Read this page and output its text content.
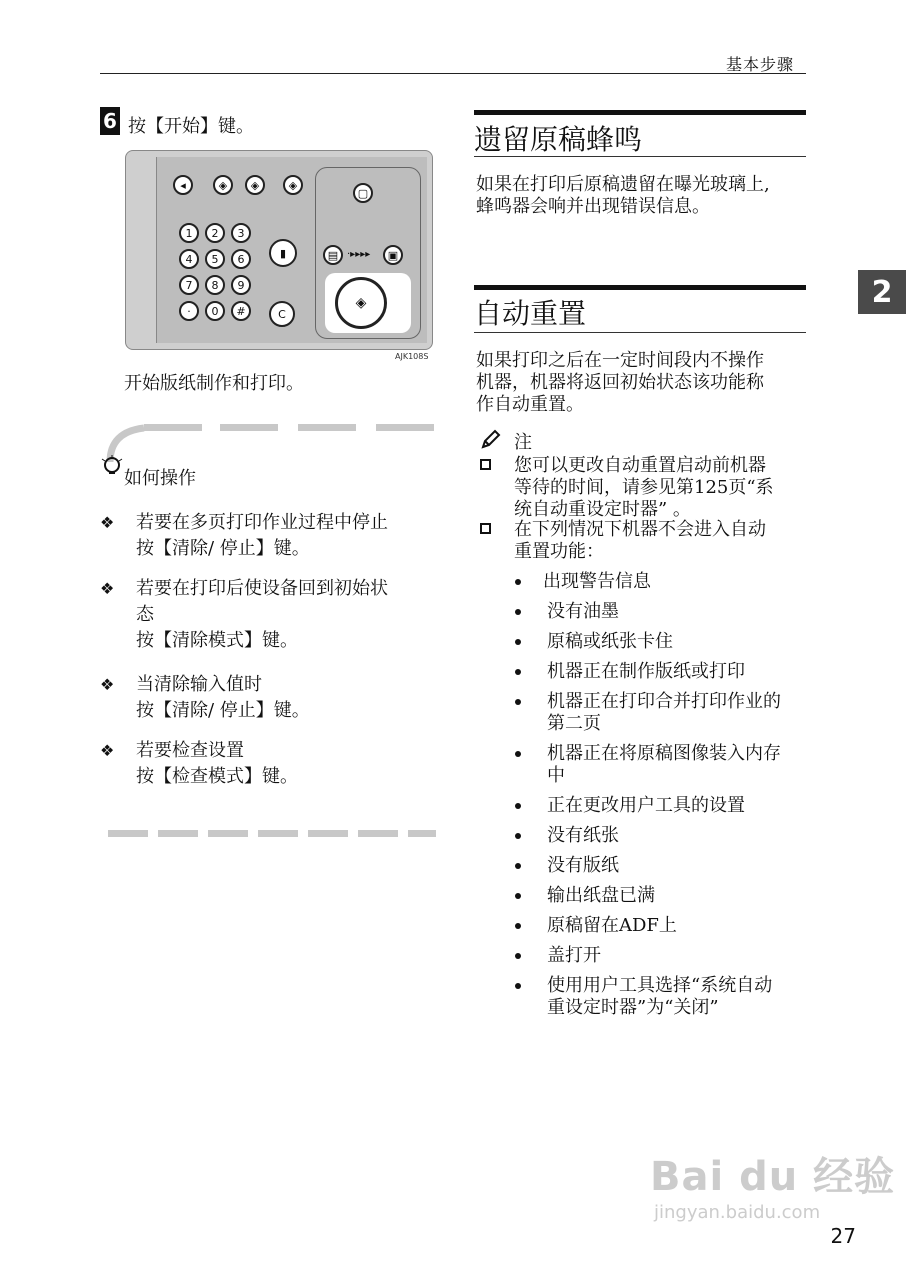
基本步骤
2
27
6 按【开始】键。
◂	◈	◈	◈
1	2	3
4	5	6
7	8	9
·	0	#
▮
C
▢
▤ ·▸▸▸▸	▣
◈
AJK108S
开始版纸制作和打印。
如何操作
❖ 若要在多页打印作业过程中停止
按【清除/ 停止】键。
❖ 若要在打印后使设备回到初始状
态
按【清除模式】键。
❖ 当清除输入值时
按【清除/ 停止】键。
❖ 若要检查设置
按【检查模式】键。
遗留原稿蜂鸣
如果在打印后原稿遗留在曝光玻璃上,
蜂鸣器会响并出现错误信息。
自动重置
如果打印之后在一定时间段内不操作
机器，机器将返回初始状态该功能称
作自动重置。
注
您可以更改自动重置启动前机器
等待的时间，请参见第125页“系
统自动重设定时器” 。
在下列情况下机器不会进入自动
重置功能：
出现警告信息
没有油墨
原稿或纸张卡住
机器正在制作版纸或打印
机器正在打印合并打印作业的
第二页
机器正在将原稿图像装入内存
中
正在更改用户工具的设置
没有纸张
没有版纸
输出纸盘已满
原稿留在ADF上
盖打开
使用用户工具选择“系统自动
重设定时器”为“关闭”
Bai du 经验
jingyan.baidu.com
